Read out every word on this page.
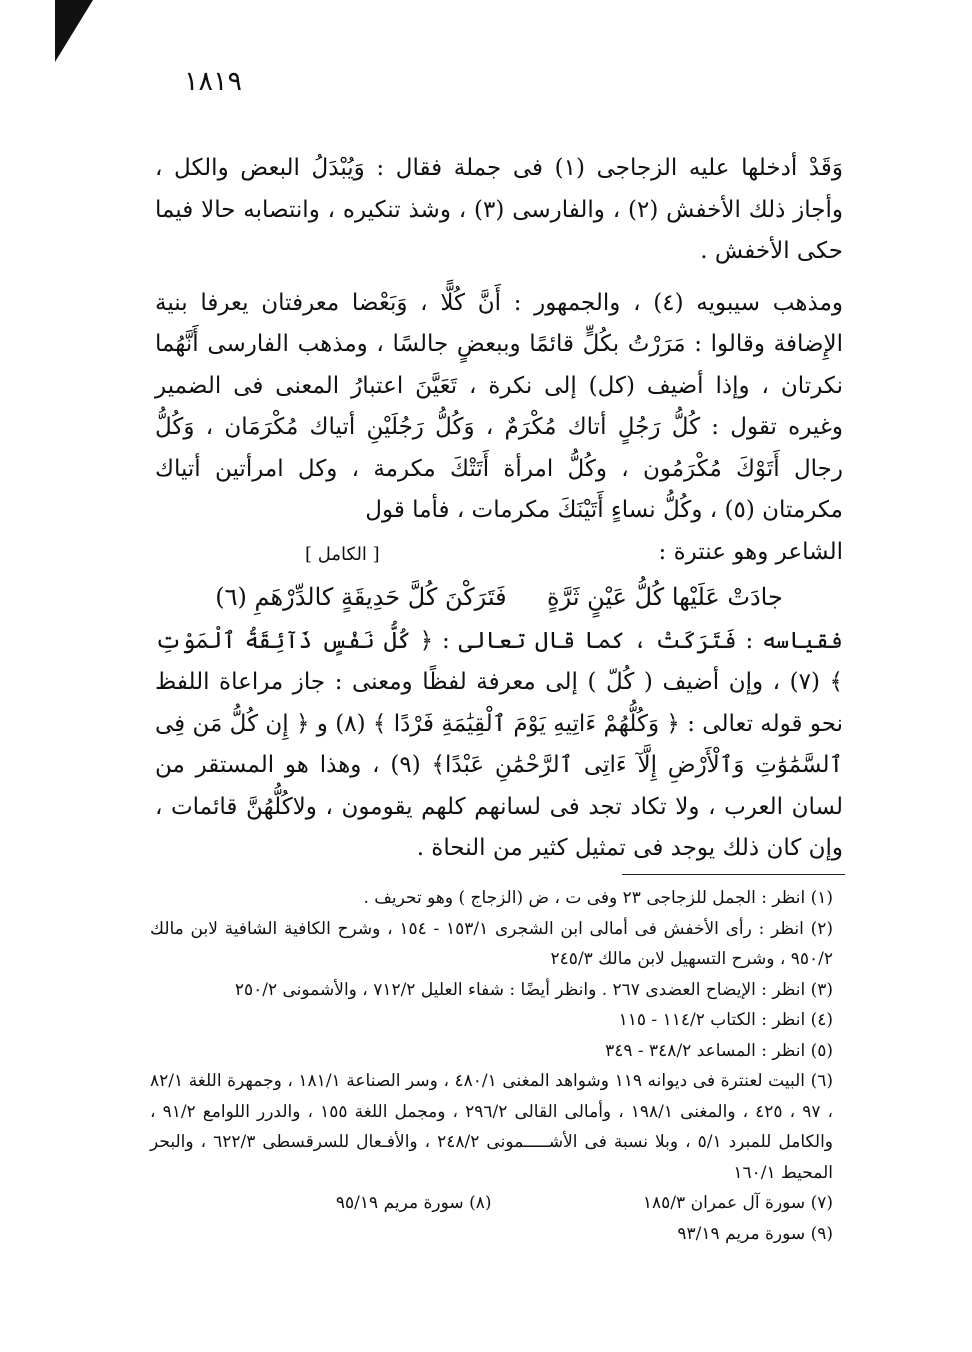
١٨١٩

وَقَدْ أدخلها عليه الزجاجى (١) فى جملة فقال : وَيُبْدَلُ البعض والكل ، وأجاز ذلك الأخفش (٢) ، والفارسى (٣) ، وشذ تنكيره ، وانتصابه حالا فيما حكى الأخفش .

ومذهب سيبويه (٤) ، والجمهور : أَنَّ كُلًّا ، وَبَعْضا معرفتان يعرفا بنية الإِضافة وقالوا : مَرَرْتُ بكُلٍّ قائمًا وببعضٍ جالسًا ، ومذهب الفارسى أَنَّهُما نكرتان ، وإذا أضيف (كل) إلى نكرة ، تَعَيَّنَ اعتبارُ المعنى فى الضمير وغيره تقول : كُلُّ رَجُلٍ أتاك مُكْرَمٌ ، وَكُلُّ رَجُلَيْنِ أتياك مُكْرَمَان ، وَكُلُّ رجال أَتَوْكَ مُكْرَمُون ، وكُلُّ امرأة أَتَتْكَ مكرمة ، وكل امرأتين أتياك مكرمتان (٥) ، وكُلُّ نساءٍ أَتَيْنَكَ مكرمات ، فأما قول

الشاعر وهو عنترة :
[ الكامل ]
جادَتْ عَلَيْها كُلُّ عَيْنٍ ثَرَّةٍ
فَتَرَكْنَ كُلَّ حَدِيقَةٍ كالدِّرْهَمِ (٦)

فقياسه : فَتَرَكَتْ ، كما قال تعالى : ﴿ كُلُّ نَفْسٍ ذَآئِقَةُ ٱلْمَوْتِ ﴾ (٧) ، وإن أضيف ( كُلّ ) إلى معرفة لفظًا ومعنى : جاز مراعاة اللفظ نحو قوله تعالى : ﴿ وَكُلُّهُمْ ءَاتِيهِ يَوْمَ ٱلْقِيَٰمَةِ فَرْدًا ﴾ (٨) و ﴿ إِن كُلُّ مَن فِى ٱلسَّمَٰوَٰتِ وَٱلْأَرْضِ إِلَّآ ءَاتِى ٱلرَّحْمَٰنِ عَبْدًا﴾ (٩) ، وهذا هو المستقر من لسان العرب ، ولا تكاد تجد فى لسانهم كلهم يقومون ، ولاكُلُّهُنَّ قائمات ، وإن كان ذلك يوجد فى تمثيل كثير من النحاة .

(١) انظر : الجمل للزجاجى ٢٣ وفى ت ، ض (الزجاج ) وهو تحريف .

(٢) انظر : رأى الأخفش فى أمالى ابن الشجرى ١٥٣/١ - ١٥٤ ، وشرح الكافية الشافية لابن مالك ٩٥٠/٢ ، وشرح التسهيل لابن مالك ٢٤٥/٣

(٣) انظر : الإيضاح العضدى ٢٦٧ . وانظر أيضًا : شفاء العليل ٧١٢/٢ ، والأشمونى ٢٥٠/٢

(٤) انظر : الكتاب ١١٤/٢ - ١١٥

(٥) انظر : المساعد ٣٤٨/٢ - ٣٤٩

(٦) البيت لعنترة فى ديوانه ١١٩ وشواهد المغنى ٤٨٠/١ ، وسر الصناعة ١٨١/١ ، وجمهرة اللغة ٨٢/١ ، ٩٧ ، ٤٢٥ ، والمغنى ١٩٨/١ ، وأمالى القالى ٢٩٦/٢ ، ومجمل اللغة ١٥٥ ، والدرر اللوامع ٩١/٢ ، والكامل للمبرد ٥/١ ، وبلا نسبة فى الأشـــــمونى ٢٤٨/٢ ، والأفـعال للسرقسطى ٦٢٢/٣ ، والبحر المحيط ١٦٠/١

(٧) سورة آل عمران ١٨٥/٣
(٨) سورة مريم ٩٥/١٩

(٩) سورة مريم ٩٣/١٩
